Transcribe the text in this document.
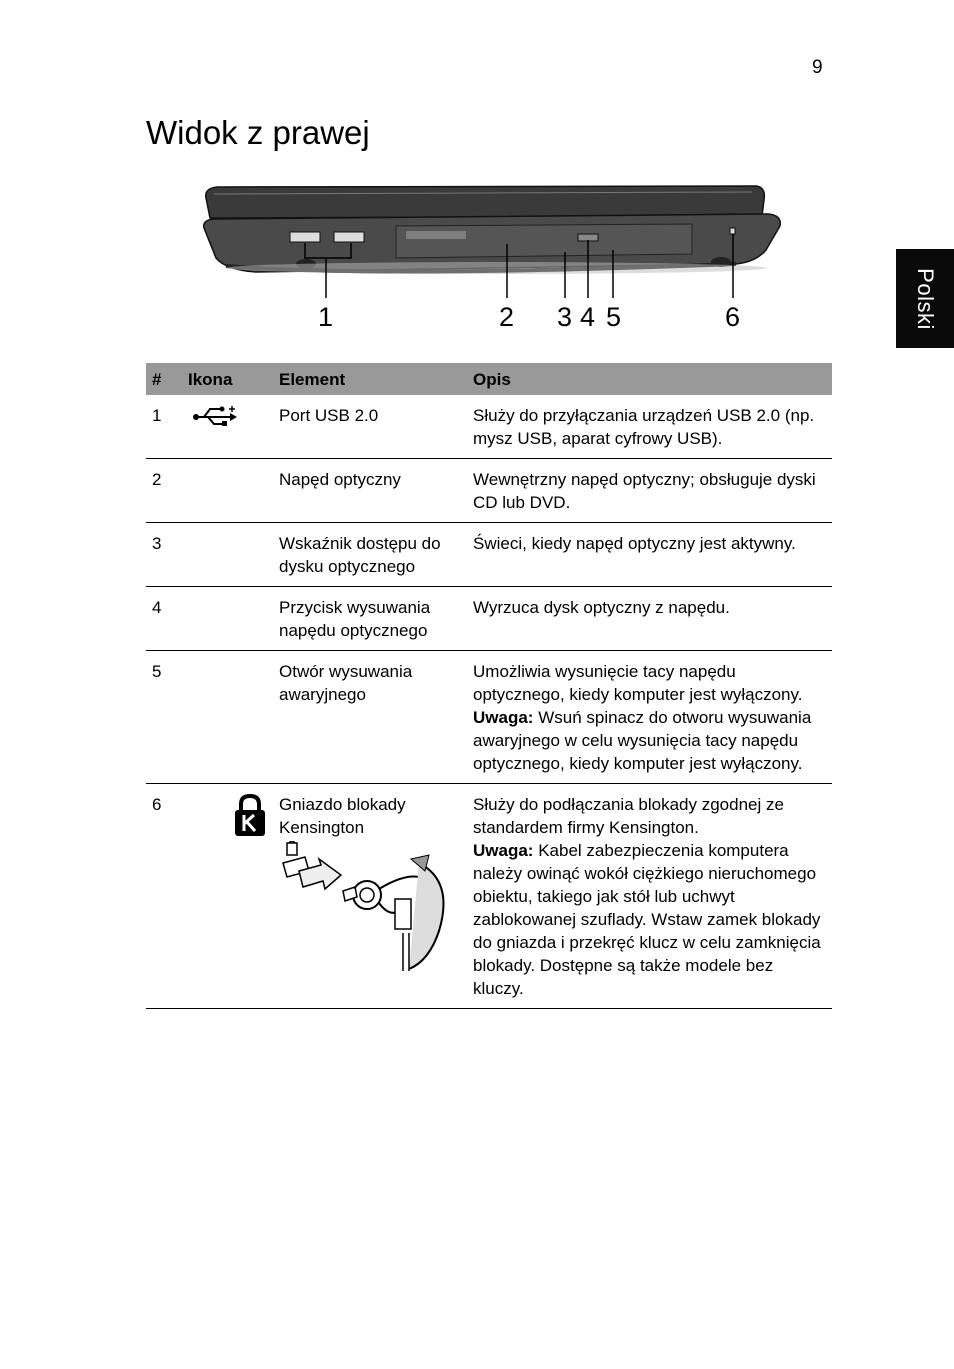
9
Widok z prawej
Polski
1	2 3 4 5	6
#	Ikona	Element	Opis
1		Port USB 2.0	Służy do przyłączania urządzeń USB 2.0 (np. mysz USB, aparat cyfrowy USB).

2		Napęd optyczny	Wewnętrzny napęd optyczny; obsługuje dyski CD lub DVD.

3		Wskaźnik dostępu do dysku optycznego	Świeci, kiedy napęd optyczny jest aktywny.

4		Przycisk wysuwania napędu optycznego	Wyrzuca dysk optyczny z napędu.

5		Otwór wysuwania awaryjnego	Umożliwia wysunięcie tacy napędu optycznego, kiedy komputer jest wyłączony.

Uwaga: Wsuń spinacz do otworu wysuwania awaryjnego w celu wysunięcia tacy napędu optycznego, kiedy komputer jest wyłączony.

6		Gniazdo blokady Kensington	Służy do podłączania blokady zgodnej ze standardem firmy Kensington.

Uwaga: Kabel zabezpieczenia komputera należy owinąć wokół ciężkiego nieruchomego obiektu, takiego jak stół lub uchwyt zablokowanej szuflady. Wstaw zamek blokady do gniazda i przekręć klucz w celu zamknięcia blokady. Dostępne są także modele bez kluczy.
